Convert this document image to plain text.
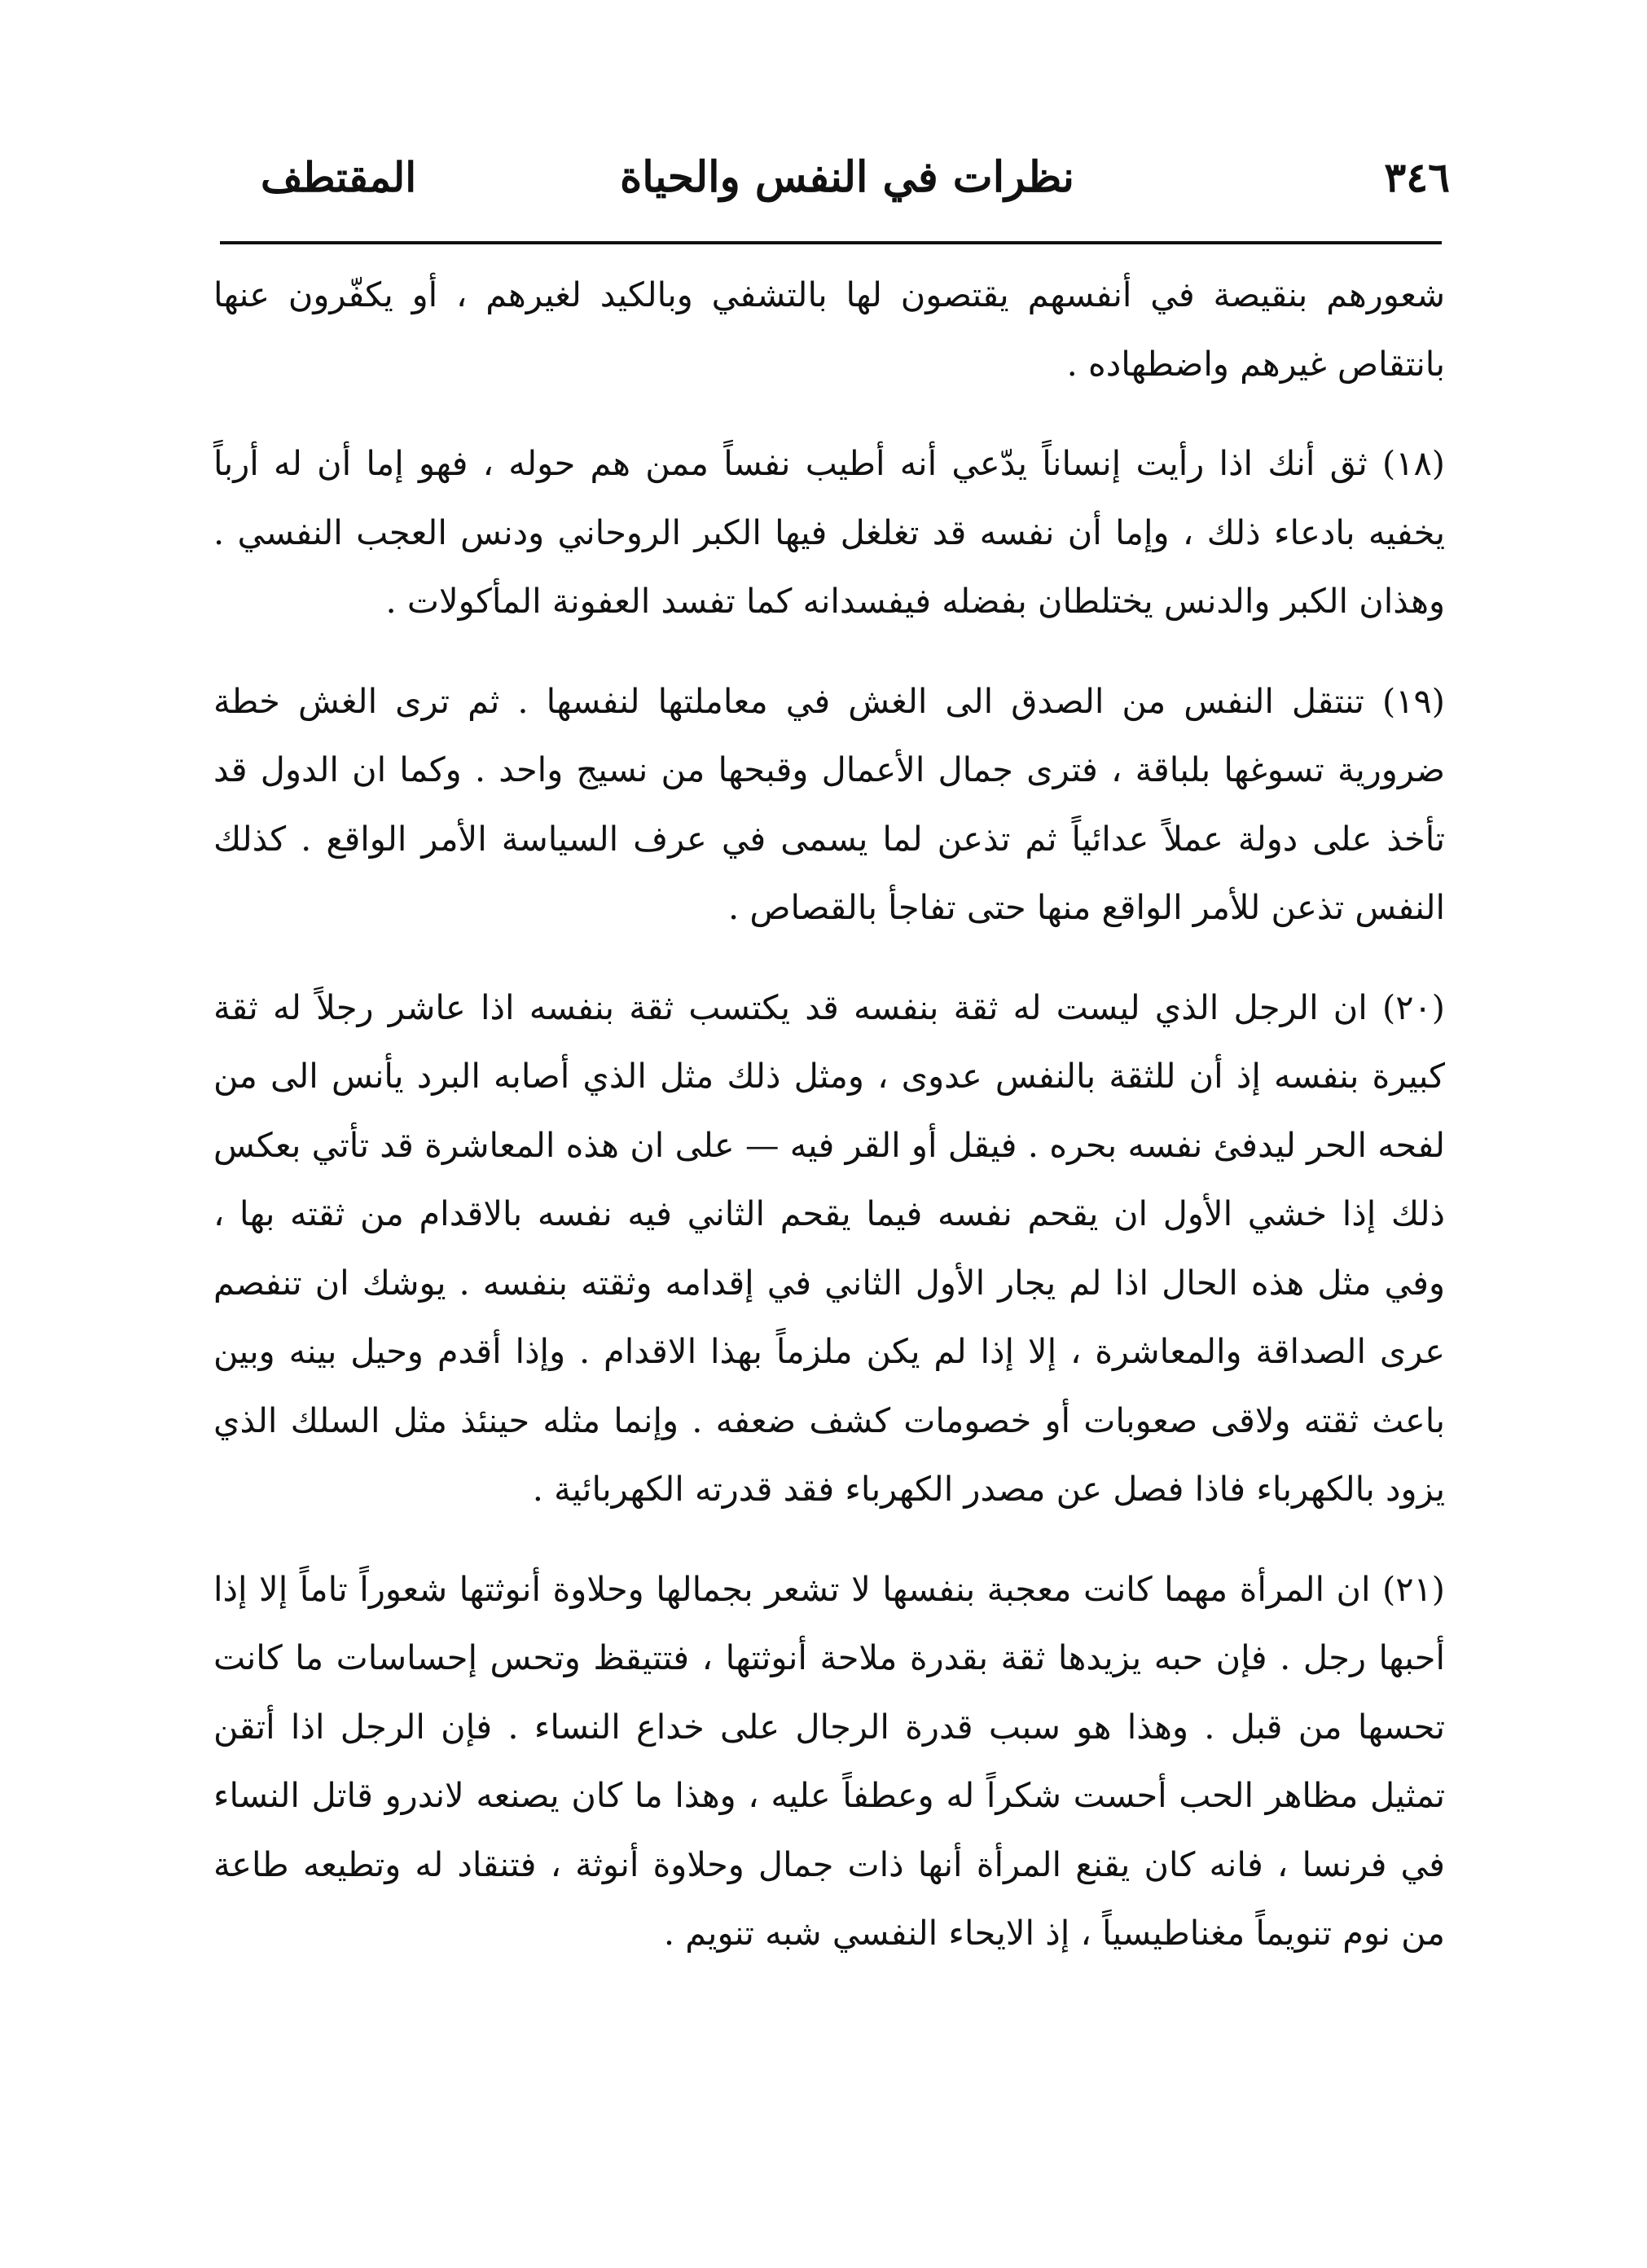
٣٤٦
نظرات في النفس والحياة
المقتطف

شعورهم بنقيصة في أنفسهم يقتصون لها بالتشفي وبالكيد لغيرهم ، أو يكفّرون عنها بانتقاص غيرهم واضطهاده .

(١٨) ثق أنك اذا رأيت إنساناً يدّعي أنه أطيب نفساً ممن هم حوله ، فهو إما أن له أرباً يخفيه بادعاء ذلك ، وإما أن نفسه قد تغلغل فيها الكبر الروحاني ودنس العجب النفسي . وهذان الكبر والدنس يختلطان بفضله فيفسدانه كما تفسد العفونة المأكولات .

(١٩) تنتقل النفس من الصدق الى الغش في معاملتها لنفسها . ثم ترى الغش خطة ضرورية تسوغها بلباقة ، فترى جمال الأعمال وقبحها من نسيج واحد . وكما ان الدول قد تأخذ على دولة عملاً عدائياً ثم تذعن لما يسمى في عرف السياسة الأمر الواقع . كذلك النفس تذعن للأمر الواقع منها حتى تفاجأ بالقصاص .

(٢٠) ان الرجل الذي ليست له ثقة بنفسه قد يكتسب ثقة بنفسه اذا عاشر رجلاً له ثقة كبيرة بنفسه إذ أن للثقة بالنفس عدوى ، ومثل ذلك مثل الذي أصابه البرد يأنس الى من لفحه الحر ليدفئ نفسه بحره . فيقل أو القر فيه — على ان هذه المعاشرة قد تأتي بعكس ذلك إذا خشي الأول ان يقحم نفسه فيما يقحم الثاني فيه نفسه بالاقدام من ثقته بها ، وفي مثل هذه الحال اذا لم يجار الأول الثاني في إقدامه وثقته بنفسه . يوشك ان تنفصم عرى الصداقة والمعاشرة ، إلا إذا لم يكن ملزماً بهذا الاقدام . وإذا أقدم وحيل بينه وبين باعث ثقته ولاقى صعوبات أو خصومات كشف ضعفه . وإنما مثله حينئذ مثل السلك الذي يزود بالكهرباء فاذا فصل عن مصدر الكهرباء فقد قدرته الكهربائية .

(٢١) ان المرأة مهما كانت معجبة بنفسها لا تشعر بجمالها وحلاوة أنوثتها شعوراً تاماً إلا إذا أحبها رجل . فإن حبه يزيدها ثقة بقدرة ملاحة أنوثتها ، فتتيقظ وتحس إحساسات ما كانت تحسها من قبل . وهذا هو سبب قدرة الرجال على خداع النساء . فإن الرجل اذا أتقن تمثيل مظاهر الحب أحست شكراً له وعطفاً عليه ، وهذا ما كان يصنعه لاندرو قاتل النساء في فرنسا ، فانه كان يقنع المرأة أنها ذات جمال وحلاوة أنوثة ، فتنقاد له وتطيعه طاعة من نوم تنويماً مغناطيسياً ، إذ الايحاء النفسي شبه تنويم .
